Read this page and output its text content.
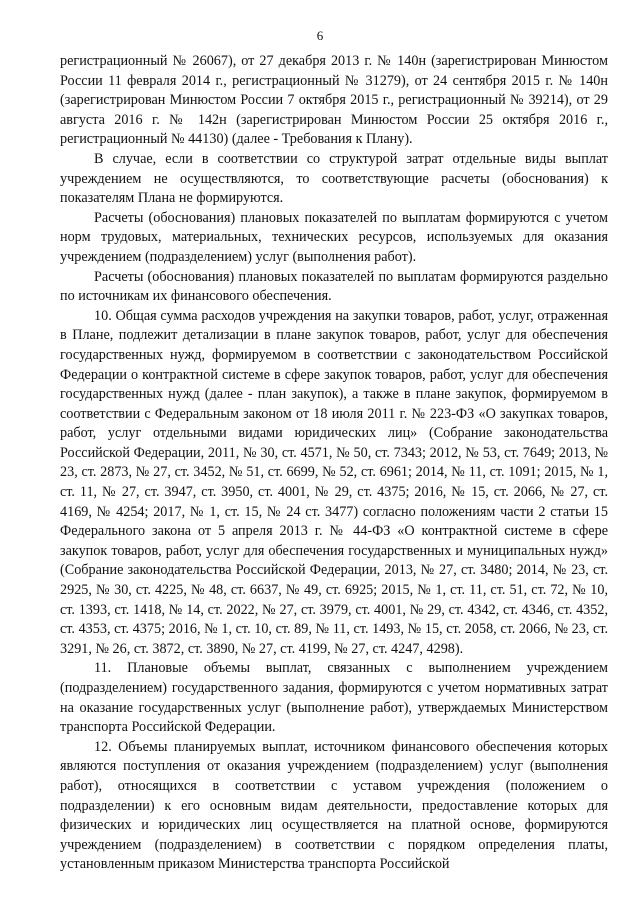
6

регистрационный № 26067), от 27 декабря 2013 г. № 140н (зарегистрирован Минюстом России 11 февраля 2014 г., регистрационный № 31279), от 24 сентября 2015 г. № 140н (зарегистрирован Минюстом России 7 октября 2015 г., регистрационный № 39214), от 29 августа 2016 г. № 142н (зарегистрирован Минюстом России 25 октября 2016 г., регистрационный № 44130) (далее - Требования к Плану).

В случае, если в соответствии со структурой затрат отдельные виды выплат учреждением не осуществляются, то соответствующие расчеты (обоснования) к показателям Плана не формируются.

Расчеты (обоснования) плановых показателей по выплатам формируются с учетом норм трудовых, материальных, технических ресурсов, используемых для оказания учреждением (подразделением) услуг (выполнения работ).

Расчеты (обоснования) плановых показателей по выплатам формируются раздельно по источникам их финансового обеспечения.

10. Общая сумма расходов учреждения на закупки товаров, работ, услуг, отраженная в Плане, подлежит детализации в плане закупок товаров, работ, услуг для обеспечения государственных нужд, формируемом в соответствии с законодательством Российской Федерации о контрактной системе в сфере закупок товаров, работ, услуг для обеспечения государственных нужд (далее - план закупок), а также в плане закупок, формируемом в соответствии с Федеральным законом от 18 июля 2011 г. № 223-ФЗ «О закупках товаров, работ, услуг отдельными видами юридических лиц» (Собрание законодательства Российской Федерации, 2011, № 30, ст. 4571, № 50, ст. 7343; 2012, № 53, ст. 7649; 2013, № 23, ст. 2873, № 27, ст. 3452, № 51, ст. 6699, № 52, ст. 6961; 2014, № 11, ст. 1091; 2015, № 1, ст. 11, № 27, ст. 3947, ст. 3950, ст. 4001, № 29, ст. 4375; 2016, № 15, ст. 2066, № 27, ст. 4169, № 4254; 2017, № 1, ст. 15, № 24 ст. 3477) согласно положениям части 2 статьи 15 Федерального закона от 5 апреля 2013 г. № 44-ФЗ «О контрактной системе в сфере закупок товаров, работ, услуг для обеспечения государственных и муниципальных нужд» (Собрание законодательства Российской Федерации, 2013, № 27, ст. 3480; 2014, № 23, ст. 2925, № 30, ст. 4225, № 48, ст. 6637, № 49, ст. 6925; 2015, № 1, ст. 11, ст. 51, ст. 72, № 10, ст. 1393, ст. 1418, № 14, ст. 2022, № 27, ст. 3979, ст. 4001, № 29, ст. 4342, ст. 4346, ст. 4352, ст. 4353, ст. 4375; 2016, № 1, ст. 10, ст. 89, № 11, ст. 1493, № 15, ст. 2058, ст. 2066, № 23, ст. 3291, № 26, ст. 3872, ст. 3890, № 27, ст. 4199, № 27, ст. 4247, 4298).

11. Плановые объемы выплат, связанных с выполнением учреждением (подразделением) государственного задания, формируются с учетом нормативных затрат на оказание государственных услуг (выполнение работ), утверждаемых Министерством транспорта Российской Федерации.

12. Объемы планируемых выплат, источником финансового обеспечения которых являются поступления от оказания учреждением (подразделением) услуг (выполнения работ), относящихся в соответствии с уставом учреждения (положением о подразделении) к его основным видам деятельности, предоставление которых для физических и юридических лиц осуществляется на платной основе, формируются учреждением (подразделением) в соответствии с порядком определения платы, установленным приказом Министерства транспорта Российской
